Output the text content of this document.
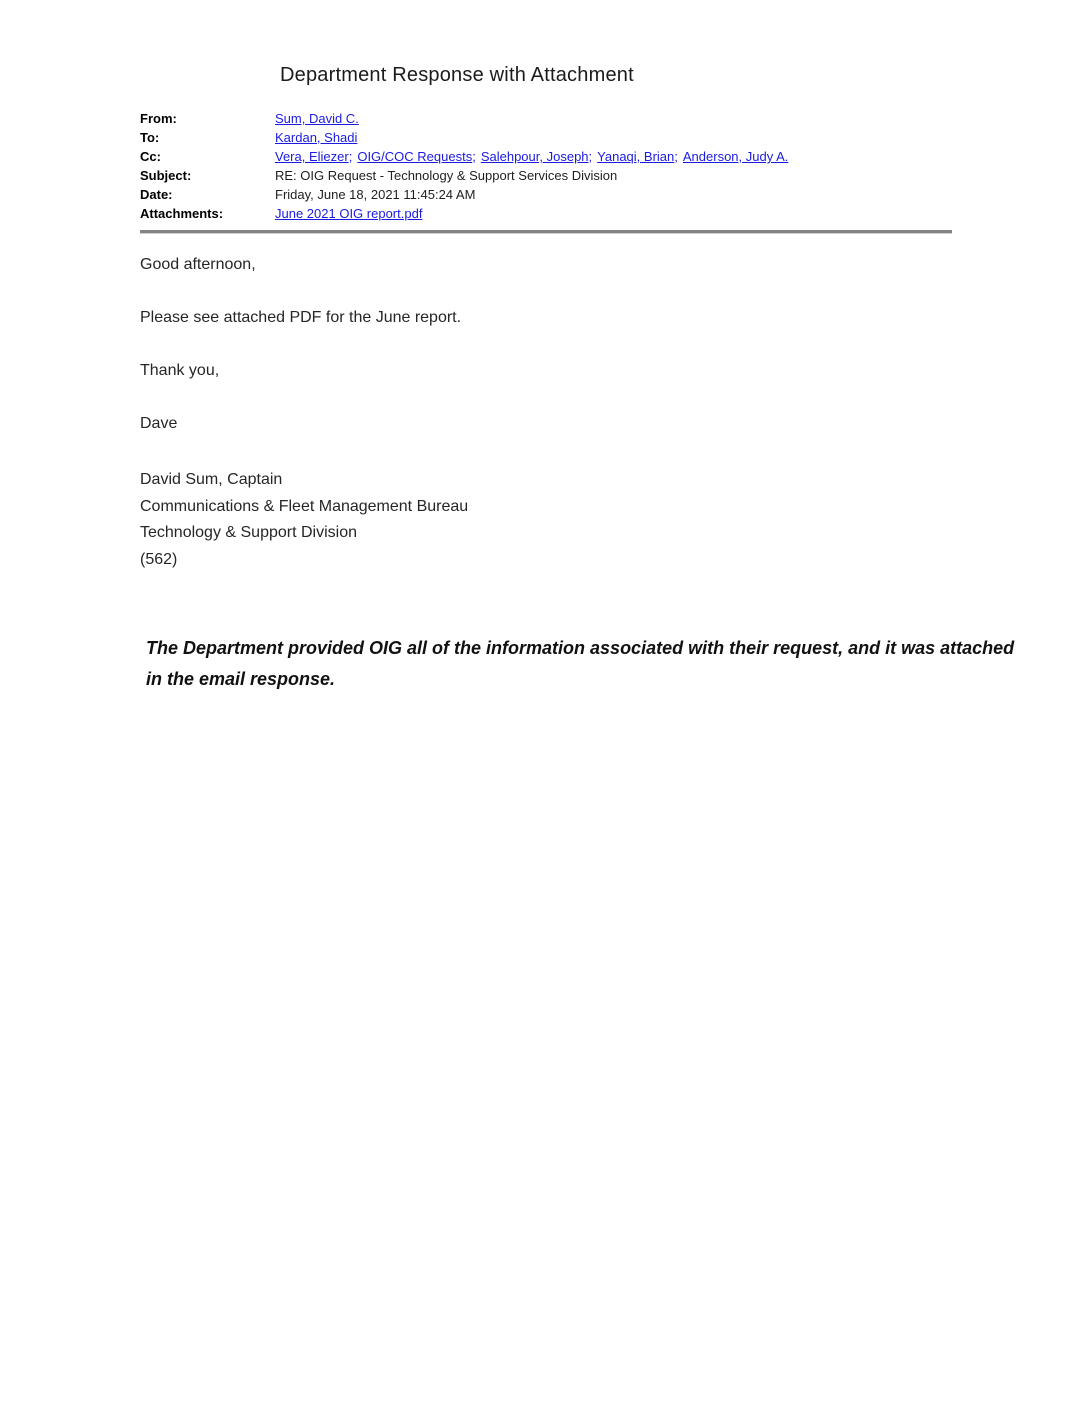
Department Response with Attachment
From:	Sum, David C.
To:	Kardan, Shadi
Cc:	Vera, Eliezer; OIG/COC Requests; Salehpour, Joseph; Yanaqi, Brian; Anderson, Judy A.
Subject:	RE: OIG Request - Technology & Support Services Division
Date:	Friday, June 18, 2021 11:45:24 AM
Attachments:	June 2021 OIG report.pdf

Good afternoon,

Please see attached PDF for the June report.

Thank you,

Dave

David Sum, Captain

Communications & Fleet Management Bureau

Technology & Support Division

(562)

The Department provided OIG all of the information associated with their request, and it was attached in the email response.
